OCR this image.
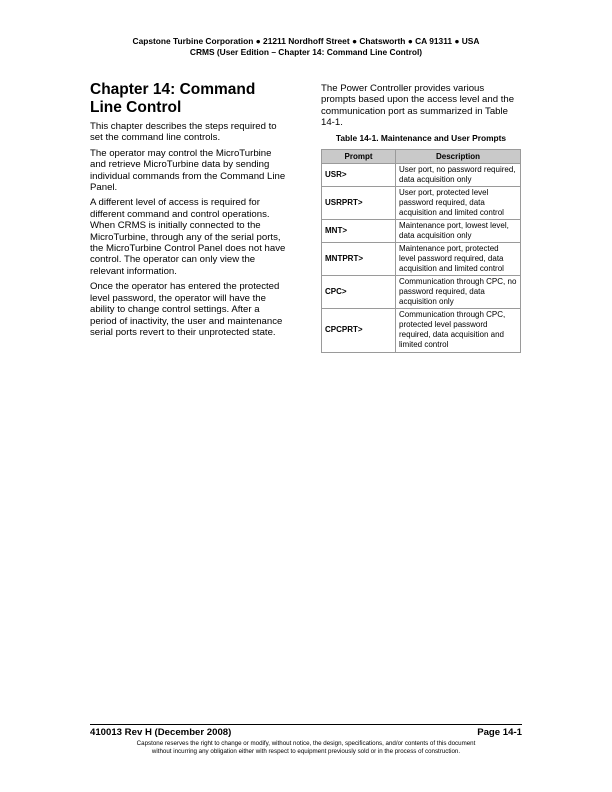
Capstone Turbine Corporation ● 21211 Nordhoff Street ● Chatsworth ● CA 91311 ● USA
CRMS (User Edition – Chapter 14: Command Line Control)
Chapter 14: Command Line Control

This chapter describes the steps required to set the command line controls.

The operator may control the MicroTurbine and retrieve MicroTurbine data by sending individual commands from the Command Line Panel.

A different level of access is required for different command and control operations. When CRMS is initially connected to the MicroTurbine, through any of the serial ports, the MicroTurbine Control Panel does not have control. The operator can only view the relevant information.

Once the operator has entered the protected level password, the operator will have the ability to change control settings. After a period of inactivity, the user and maintenance serial ports revert to their unprotected state.

The Power Controller provides various prompts based upon the access level and the communication port as summarized in Table 14-1.

Table 14-1. Maintenance and User Prompts
Prompt	Description
USR>	User port, no password required, data acquisition only
USRPRT>	User port, protected level password required, data acquisition and limited control
MNT>	Maintenance port, lowest level, data acquisition only
MNTPRT>	Maintenance port, protected level password required, data acquisition and limited control
CPC>	Communication through CPC, no password required, data acquisition only
CPCPRT>	Communication through CPC, protected level password required, data acquisition and limited control
410013 Rev H (December 2008)	Page 14-1
Capstone reserves the right to change or modify, without notice, the design, specifications, and/or contents of this document
without incurring any obligation either with respect to equipment previously sold or in the process of construction.
